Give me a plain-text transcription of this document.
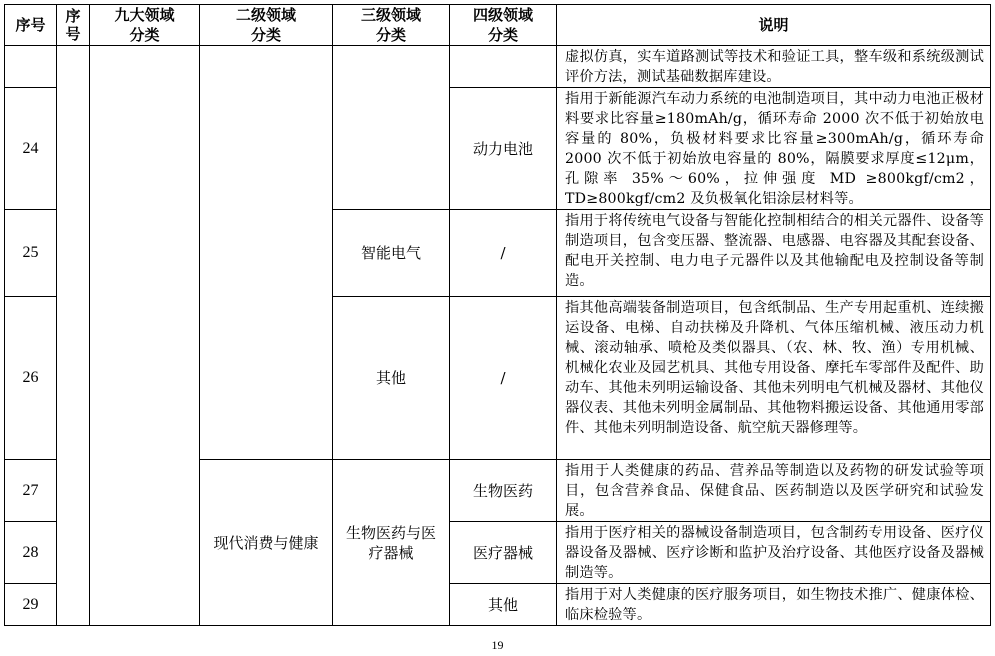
序号	序号	九大领域分类	二级领域分类	三级领域分类	四级领域分类	说明
						虚拟仿真，实车道路测试等技术和验证工具，整车级和系统级测试评价方法，测试基础数据库建设。
24					动力电池	指用于新能源汽车动力系统的电池制造项目，其中动力电池正极材料要求比容量≥180mAh/g，循环寿命 2000 次不低于初始放电容量的 80%，负极材料要求比容量≥300mAh/g，循环寿命 2000 次不低于初始放电容量的 80%，隔膜要求厚度≤12μm，孔隙率 35%～60%，拉伸强度 MD ≥800kgf/cm2，TD≥800kgf/cm2 及负极氧化铝涂层材料等。
25				智能电气	/	指用于将传统电气设备与智能化控制相结合的相关元器件、设备等制造项目，包含变压器、整流器、电感器、电容器及其配套设备、配电开关控制、电力电子元器件以及其他输配电及控制设备等制造。
26				其他	/	指其他高端装备制造项目，包含纸制品、生产专用起重机、连续搬运设备、电梯、自动扶梯及升降机、气体压缩机械、液压动力机械、滚动轴承、喷枪及类似器具、（农、林、牧、渔）专用机械、机械化农业及园艺机具、其他专用设备、摩托车零部件及配件、助动车、其他未列明运输设备、其他未列明电气机械及器材、其他仪器仪表、其他未列明金属制品、其他物料搬运设备、其他通用零部件、其他未列明制造设备、航空航天器修理等。
27			现代消费与健康	生物医药与医疗器械	生物医药	指用于人类健康的药品、营养品等制造以及药物的研发试验等项目，包含营养食品、保健食品、医药制造以及医学研究和试验发展。
28					医疗器械	指用于医疗相关的器械设备制造项目，包含制药专用设备、医疗仪器设备及器械、医疗诊断和监护及治疗设备、其他医疗设备及器械制造等。
29					其他	指用于对人类健康的医疗服务项目，如生物技术推广、健康体检、临床检验等。
19
